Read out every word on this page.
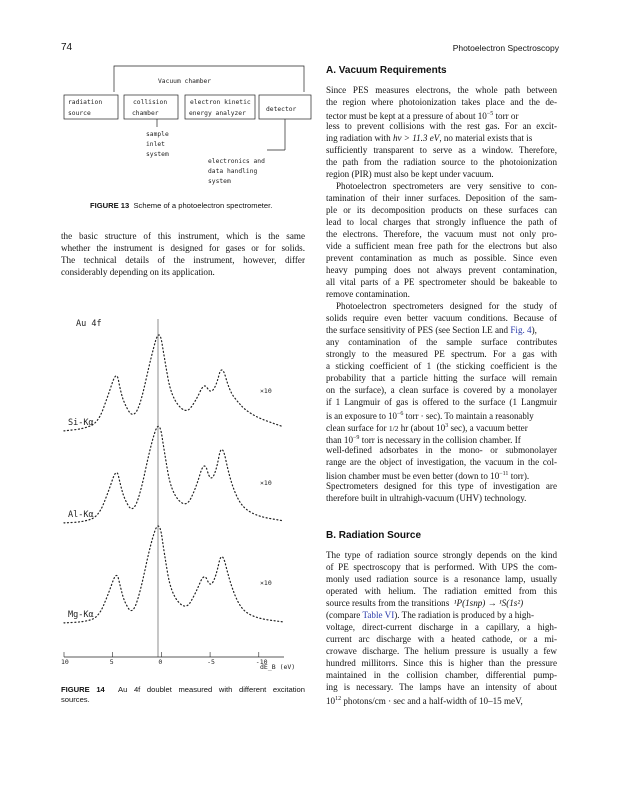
74	Photoelectron Spectroscopy
Vacuum chamber
radiation
source
collision
chamber
electron kinetic
energy analyzer
detector
sample
inlet
system
electronics and
data handling
system
FIGURE 13 Scheme of a photoelectron spectrometer.
the basic structure of this instrument, which is the same
whether the instrument is designed for gases or for solids.
The technical details of the instrument, however, differ
considerably depending on its application.
Au 4f
10	5	0	-5	-10
Si-Kα
×10
Al-Kα
×10
Mg-Kα
×10
dE_B (eV)
FIGURE 14 Au 4f doublet measured with different excitation
sources.
A. Vacuum Requirements
Since PES measures electrons, the whole path between
the region where photoionization takes place and the de-
tector must be kept at a pressure of about $10^{-5}$ torr or
less to prevent collisions with the rest gas. For an excit-
ing radiation with hν > 11.3 eV, no material exists that is
sufficiently transparent to serve as a window. Therefore,
the path from the radiation source to the photoionization
region (PIR) must also be kept under vacuum.
Photoelectron spectrometers are very sensitive to con-
tamination of their inner surfaces. Deposition of the sam-
ple or its decomposition products on these surfaces can
lead to local charges that strongly influence the path of
the electrons. Therefore, the vacuum must not only pro-
vide a sufficient mean free path for the electrons but also
prevent contamination as much as possible. Since even
heavy pumping does not always prevent contamination,
all vital parts of a PE spectrometer should be bakeable to
remove contamination.
Photoelectron spectrometers designed for the study of
solids require even better vacuum conditions. Because of
the surface sensitivity of PES (see Section I.E and Fig. 4),
any contamination of the sample surface contributes
strongly to the measured PE spectrum. For a gas with
a sticking coefficient of 1 (the sticking coefficient is the
probability that a particle hitting the surface will remain
on the surface), a clean surface is covered by a monolayer
if 1 Langmuir of gas is offered to the surface (1 Langmuir
is an exposure to $10^{-6}$ torr · sec). To maintain a reasonably
clean surface for 1/2 hr (about $10^3$ sec), a vacuum better
than $10^{-9}$ torr is necessary in the collision chamber. If
well-defined adsorbates in the mono- or submonolayer
range are the object of investigation, the vacuum in the col-
lision chamber must be even better (down to $10^{-11}$ torr).
Spectrometers designed for this type of investigation are
therefore built in ultrahigh-vacuum (UHV) technology.
B. Radiation Source
The type of radiation source strongly depends on the kind
of PE spectroscopy that is performed. With UPS the com-
monly used radiation source is a resonance lamp, usually
operated with helium. The radiation emitted from this
source results from the transitions ¹P(1snp) → ¹S(1s²)
(compare Table VI). The radiation is produced by a high-
voltage, direct-current discharge in a capillary, a high-
current arc discharge with a heated cathode, or a mi-
crowave discharge. The helium pressure is usually a few
hundred millitorrs. Since this is higher than the pressure
maintained in the collision chamber, differential pump-
ing is necessary. The lamps have an intensity of about
$10^{12}$ photons/cm · sec and a half-width of 10–15 meV,
